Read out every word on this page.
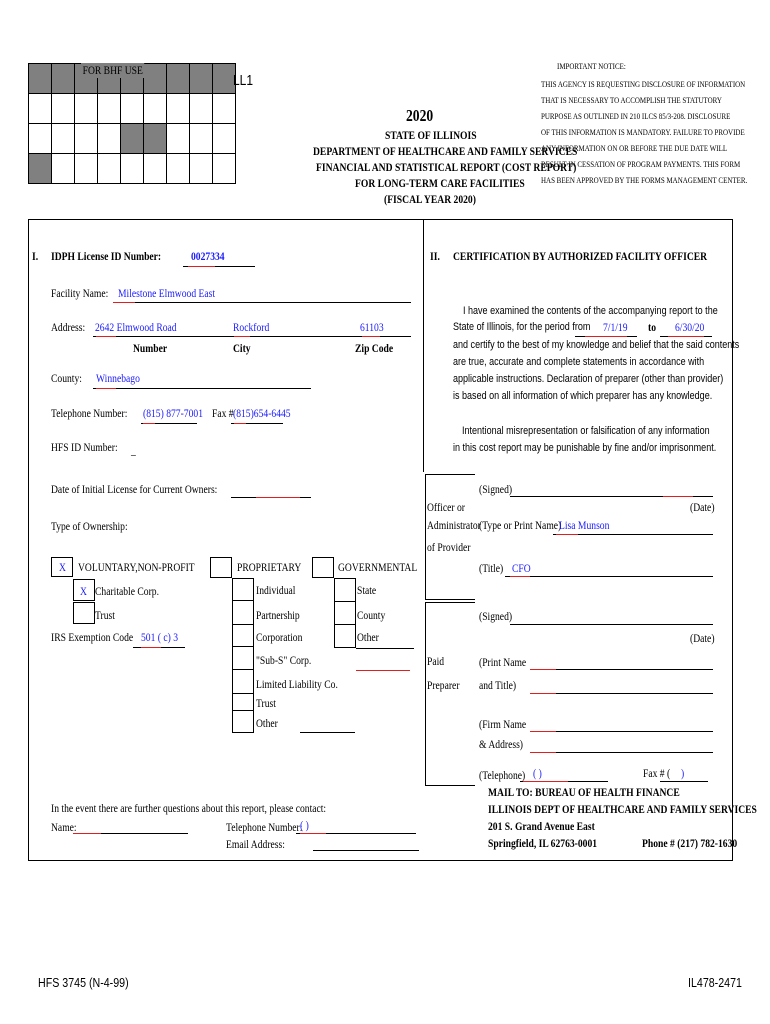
FOR BHF USE
LL1
2020
STATE OF ILLINOIS
DEPARTMENT OF HEALTHCARE AND FAMILY SERVICES
FINANCIAL AND STATISTICAL REPORT (COST REPORT)
FOR LONG-TERM CARE FACILITIES
(FISCAL YEAR 2020)
IMPORTANT NOTICE:
THIS AGENCY IS REQUESTING DISCLOSURE OF INFORMATION
THAT IS NECESSARY TO ACCOMPLISH THE STATUTORY
PURPOSE AS OUTLINED IN 210 ILCS 85/3-208. DISCLOSURE
OF THIS INFORMATION IS MANDATORY. FAILURE TO PROVIDE
ANY INFORMATION ON OR BEFORE THE DUE DATE WILL
RESULT IN CESSATION OF PROGRAM PAYMENTS. THIS FORM
HAS BEEN APPROVED BY THE FORMS MANAGEMENT CENTER.
I. IDPH License ID Number: 0027334
Facility Name: Milestone Elmwood East
Address: 2642 Elmwood Road	Rockford	61103
Number	City	Zip Code
County: Winnebago
Telephone Number: (815) 877-7001 Fax # (815)654-6445
HFS ID Number: _
Date of Initial License for Current Owners:
Type of Ownership:
X VOLUNTARY,NON-PROFIT
X Charitable Corp.
Trust
IRS Exemption Code 501 ( c) 3
PROPRIETARY
Individual
Partnership
Corporation
"Sub-S" Corp.
Limited Liability Co.
Trust
Other
GOVERNMENTAL
State
County
Other
II. CERTIFICATION BY AUTHORIZED FACILITY OFFICER
I have examined the contents of the accompanying report to the
State of Illinois, for the period from 7/1/19 to 6/30/20
and certify to the best of my knowledge and belief that the said contents
are true, accurate and complete statements in accordance with
applicable instructions. Declaration of preparer (other than provider)
is based on all information of which preparer has any knowledge.
Intentional misrepresentation or falsification of any information
in this cost report may be punishable by fine and/or imprisonment.
Officer or
Administrator
of Provider
(Signed)
(Date)
(Type or Print Name)
Lisa Munson
(Title) CFO
Paid
Preparer
(Signed)
(Date)
(Print Name
and Title)
(Firm Name
& Address)
(Telephone) ( )	Fax # ( )
In the event there are further questions about this report, please contact:
Name:	Telephone Number:
( )
Email Address:
MAIL TO: BUREAU OF HEALTH FINANCE
ILLINOIS DEPT OF HEALTHCARE AND FAMILY SERVICES
201 S. Grand Avenue East
Springfield, IL 62763-0001	Phone # (217) 782-1630
HFS 3745 (N-4-99)	IL478-2471
